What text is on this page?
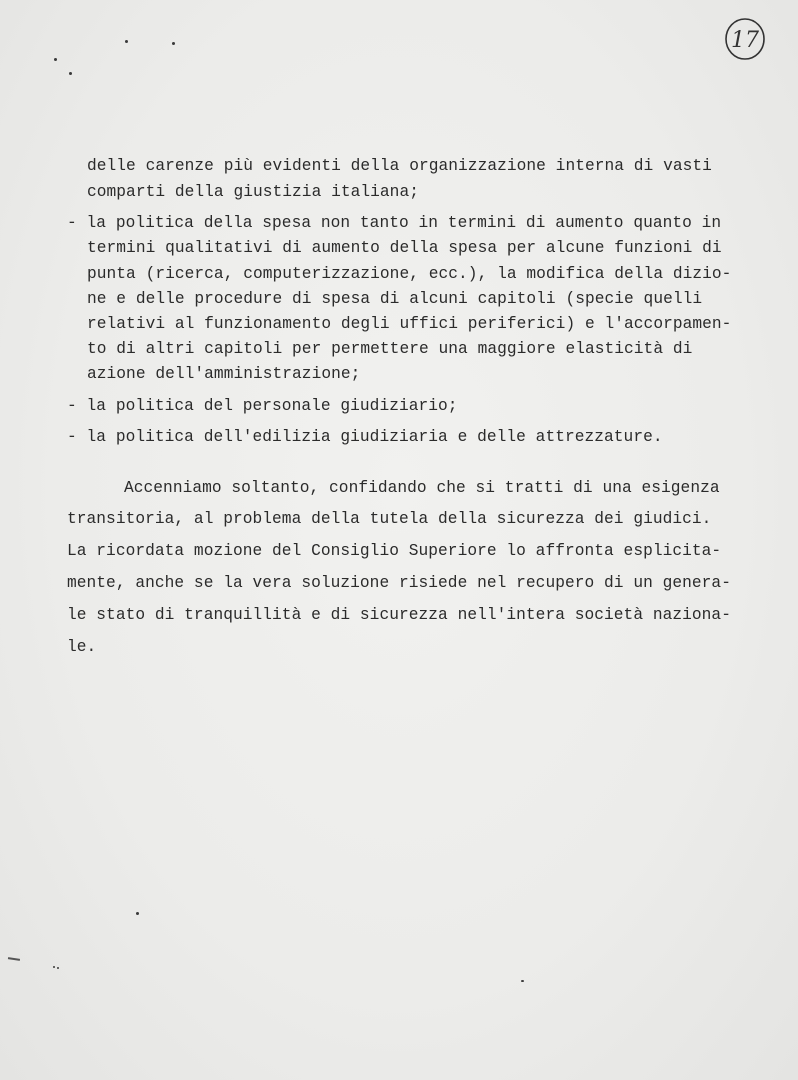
17
delle carenze più evidenti della organizzazione interna di vasti
comparti della giustizia italiana;
- la politica della spesa non tanto in termini di aumento quanto in
termini qualitativi di aumento della spesa per alcune funzioni di
punta (ricerca, computerizzazione, ecc.), la modifica della dizio-
ne e delle procedure di spesa di alcuni capitoli (specie quelli
relativi al funzionamento degli uffici periferici) e l'accorpamen-
to di altri capitoli per permettere una maggiore elasticità di
azione dell'amministrazione;
- la politica del personale giudiziario;
- la politica dell'edilizia giudiziaria e delle attrezzature.
Accenniamo soltanto, confidando che si tratti di una esigenza
transitoria, al problema della tutela della sicurezza dei giudici.
La ricordata mozione del Consiglio Superiore lo affronta esplicita-
mente, anche se la vera soluzione risiede nel recupero di un genera-
le stato di tranquillità e di sicurezza nell'intera società naziona-
le.
